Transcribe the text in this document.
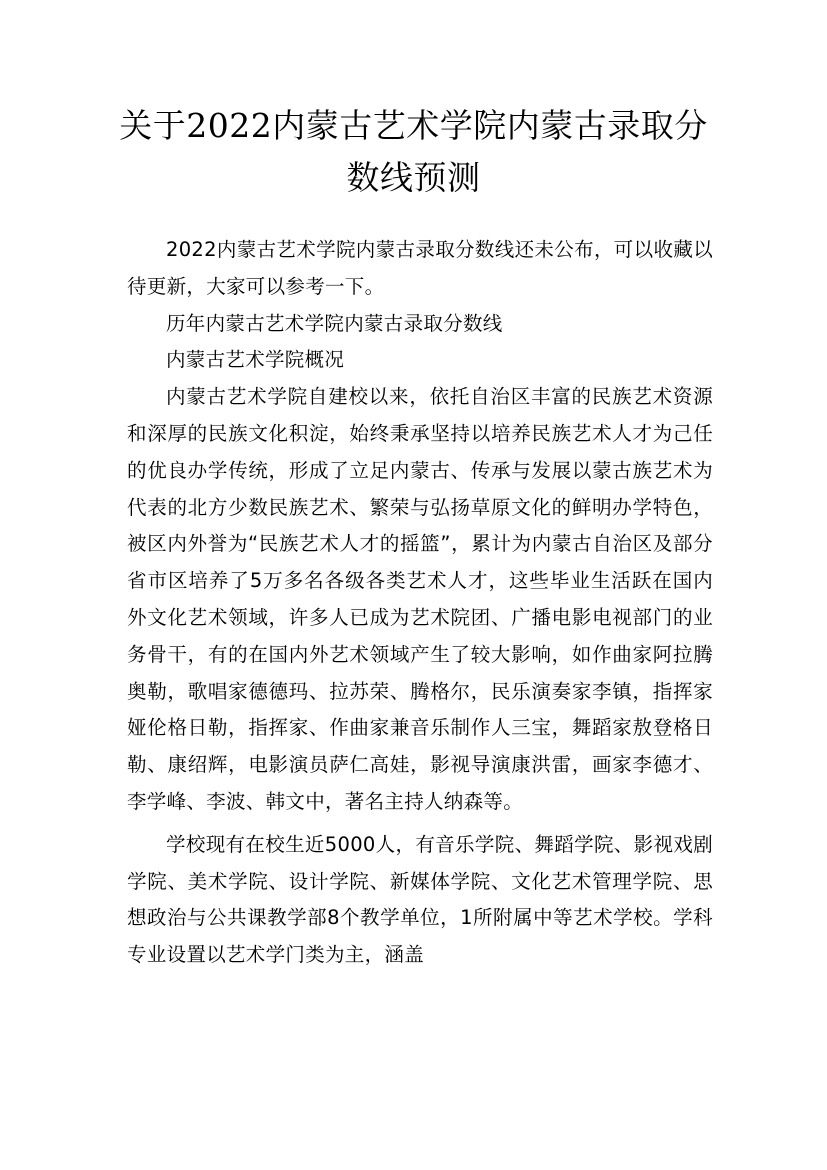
关于2022内蒙古艺术学院内蒙古录取分数线预测

2022内蒙古艺术学院内蒙古录取分数线还未公布，可以收藏以待更新，大家可以参考一下。

历年内蒙古艺术学院内蒙古录取分数线

内蒙古艺术学院概况

内蒙古艺术学院自建校以来，依托自治区丰富的民族艺术资源和深厚的民族文化积淀，始终秉承坚持以培养民族艺术人才为己任的优良办学传统，形成了立足内蒙古、传承与发展以蒙古族艺术为代表的北方少数民族艺术、繁荣与弘扬草原文化的鲜明办学特色，被区内外誉为“民族艺术人才的摇篮”，累计为内蒙古自治区及部分省市区培养了5万多名各级各类艺术人才，这些毕业生活跃在国内外文化艺术领域，许多人已成为艺术院团、广播电影电视部门的业务骨干，有的在国内外艺术领域产生了较大影响，如作曲家阿拉腾奥勒，歌唱家德德玛、拉苏荣、腾格尔，民乐演奏家李镇，指挥家娅伦格日勒，指挥家、作曲家兼音乐制作人三宝，舞蹈家敖登格日勒、康绍辉，电影演员萨仁高娃，影视导演康洪雷，画家李德才、李学峰、李波、韩文中，著名主持人纳森等。

学校现有在校生近5000人，有音乐学院、舞蹈学院、影视戏剧学院、美术学院、设计学院、新媒体学院、文化艺术管理学院、思想政治与公共课教学部8个教学单位，1所附属中等艺术学校。学科专业设置以艺术学门类为主，涵盖
